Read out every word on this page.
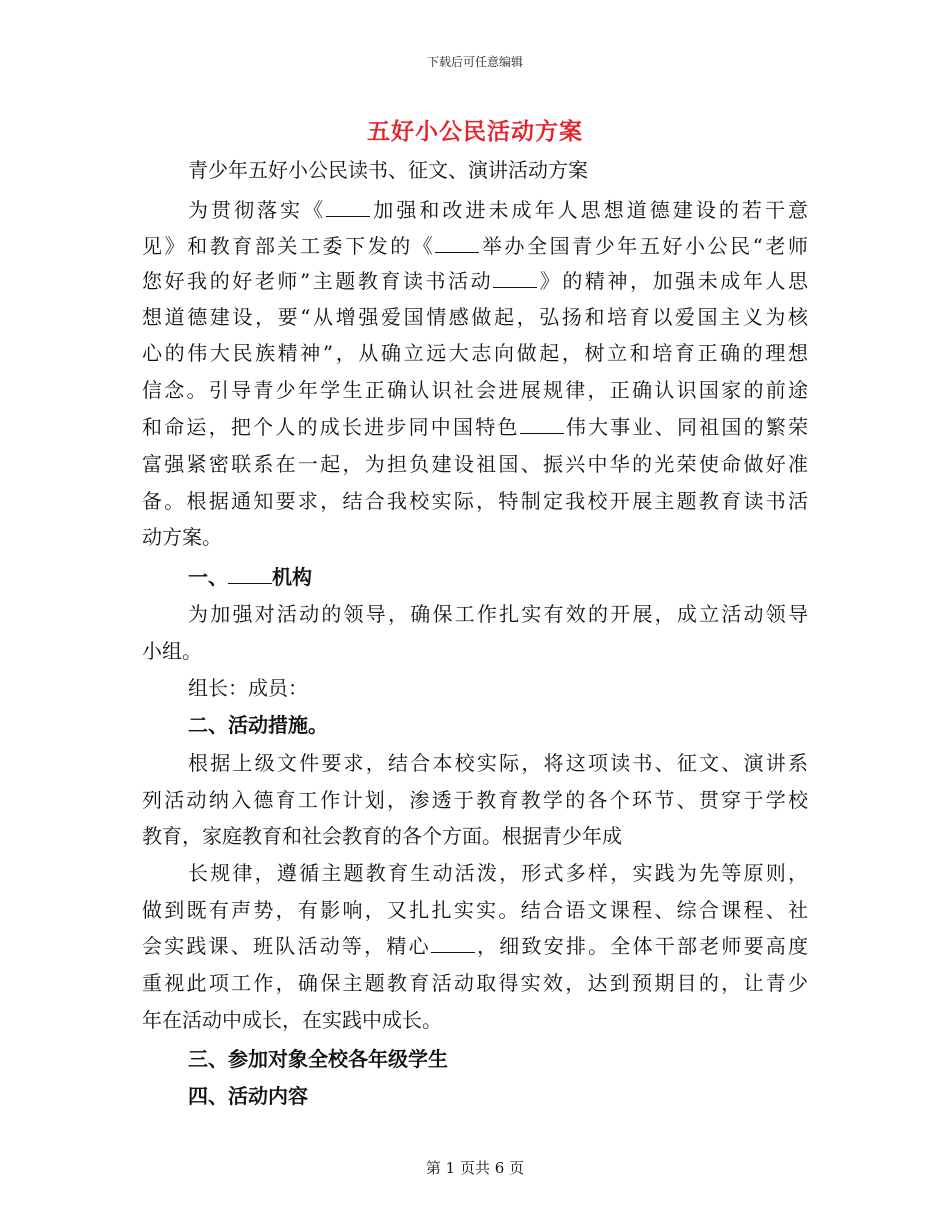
下载后可任意编辑
五好小公民活动方案
青少年五好小公民读书、征文、演讲活动方案
为贯彻落实《 加强和改进未成年人思想道德建设的若干意
见》和教育部关工委下发的《 举办全国青少年五好小公民“老师
您好我的好老师”主题教育读书活动 》的精神，加强未成年人思
想道德建设，要“从增强爱国情感做起，弘扬和培育以爱国主义为核
心的伟大民族精神”，从确立远大志向做起，树立和培育正确的理想
信念。引导青少年学生正确认识社会进展规律，正确认识国家的前途
和命运，把个人的成长进步同中国特色 伟大事业、同祖国的繁荣
富强紧密联系在一起，为担负建设祖国、振兴中华的光荣使命做好准
备。根据通知要求，结合我校实际，特制定我校开展主题教育读书活
动方案。
一、 机构
为加强对活动的领导，确保工作扎实有效的开展，成立活动领导
小组。
组长：成员：
二、活动措施。
根据上级文件要求，结合本校实际，将这项读书、征文、演讲系
列活动纳入德育工作计划，渗透于教育教学的各个环节、贯穿于学校
教育，家庭教育和社会教育的各个方面。根据青少年成
长规律，遵循主题教育生动活泼，形式多样，实践为先等原则，
做到既有声势，有影响，又扎扎实实。结合语文课程、综合课程、社
会实践课、班队活动等，精心 ，细致安排。全体干部老师要高度
重视此项工作，确保主题教育活动取得实效，达到预期目的，让青少
年在活动中成长，在实践中成长。
三、参加对象全校各年级学生
四、活动内容
第 1 页共 6 页
